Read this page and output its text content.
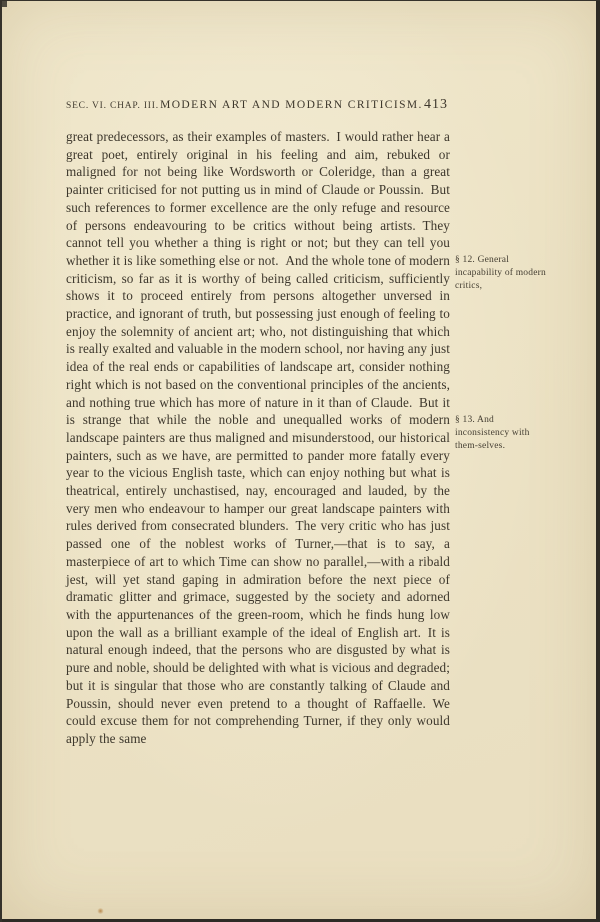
SEC. VI. CHAP. III. MODERN ART AND MODERN CRITICISM. 413
great predecessors, as their examples of masters. I would rather hear a great poet, entirely original in his feeling and aim, rebuked or maligned for not being like Wordsworth or Coleridge, than a great painter criticised for not putting us in mind of Claude or Poussin. But such references to former excellence are the only refuge and resource of persons endeavouring to be critics without being artists. They cannot tell you whether a thing is right or not; but they can tell you whether it is like something else or not. And the whole tone of modern criticism, so far as it is worthy of being called criticism, sufficiently shows it to proceed entirely from persons altogether unversed in practice, and ignorant of truth, but possessing just enough of feeling to enjoy the solemnity of ancient art; who, not distinguishing that which is really exalted and valuable in the modern school, nor having any just idea of the real ends or capabilities of landscape art, consider nothing right which is not based on the conventional principles of the ancients, and nothing true which has more of nature in it than of Claude. But it is strange that while the noble and unequalled works of modern landscape painters are thus maligned and misunderstood, our historical painters, such as we have, are permitted to pander more fatally every year to the vicious English taste, which can enjoy nothing but what is theatrical, entirely unchastised, nay, encouraged and lauded, by the very men who endeavour to hamper our great landscape painters with rules derived from consecrated blunders. The very critic who has just passed one of the noblest works of Turner,—that is to say, a masterpiece of art to which Time can show no parallel,—with a ribald jest, will yet stand gaping in admiration before the next piece of dramatic glitter and grimace, suggested by the society and adorned with the appurtenances of the green-room, which he finds hung low upon the wall as a brilliant example of the ideal of English art. It is natural enough indeed, that the persons who are disgusted by what is pure and noble, should be delighted with what is vicious and degraded; but it is singular that those who are constantly talking of Claude and Poussin, should never even pretend to a thought of Raffaelle. We could excuse them for not comprehending Turner, if they only would apply the same
§ 12. General incapability of modern critics,
§ 13. And inconsistency with them-selves.
